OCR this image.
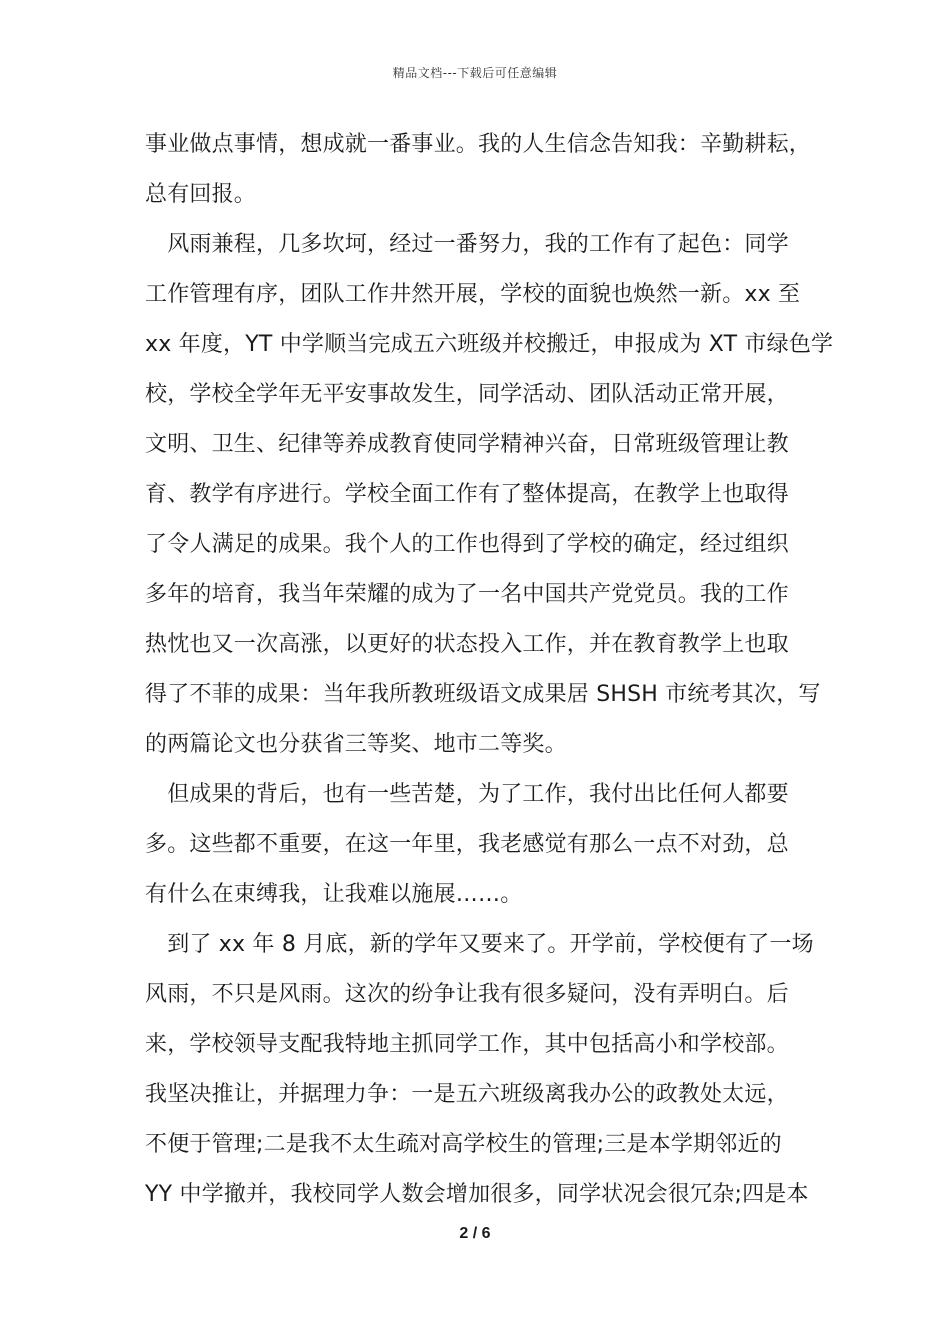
精品文档---下载后可任意编辑
事业做点事情，想成就一番事业。我的人生信念告知我：辛勤耕耘，
总有回报。
　风雨兼程，几多坎坷，经过一番努力，我的工作有了起色：同学
工作管理有序，团队工作井然开展，学校的面貌也焕然一新。xx 至
xx 年度，YT 中学顺当完成五六班级并校搬迁，申报成为 XT 市绿色学
校，学校全学年无平安事故发生，同学活动、团队活动正常开展，
文明、卫生、纪律等养成教育使同学精神兴奋，日常班级管理让教
育、教学有序进行。学校全面工作有了整体提高，在教学上也取得
了令人满足的成果。我个人的工作也得到了学校的确定，经过组织
多年的培育，我当年荣耀的成为了一名中国共产党党员。我的工作
热忱也又一次高涨，以更好的状态投入工作，并在教育教学上也取
得了不菲的成果：当年我所教班级语文成果居 SHSH 市统考其次，写
的两篇论文也分获省三等奖、地市二等奖。
　但成果的背后，也有一些苦楚，为了工作，我付出比任何人都要
多。这些都不重要，在这一年里，我老感觉有那么一点不对劲，总
有什么在束缚我，让我难以施展……。
　到了 xx 年 8 月底，新的学年又要来了。开学前，学校便有了一场
风雨，不只是风雨。这次的纷争让我有很多疑问，没有弄明白。后
来，学校领导支配我特地主抓同学工作，其中包括高小和学校部。
我坚决推让，并据理力争：一是五六班级离我办公的政教处太远，
不便于管理;二是我不太生疏对高学校生的管理;三是本学期邻近的
YY 中学撤并，我校同学人数会增加很多，同学状况会很冗杂;四是本
2 / 6
